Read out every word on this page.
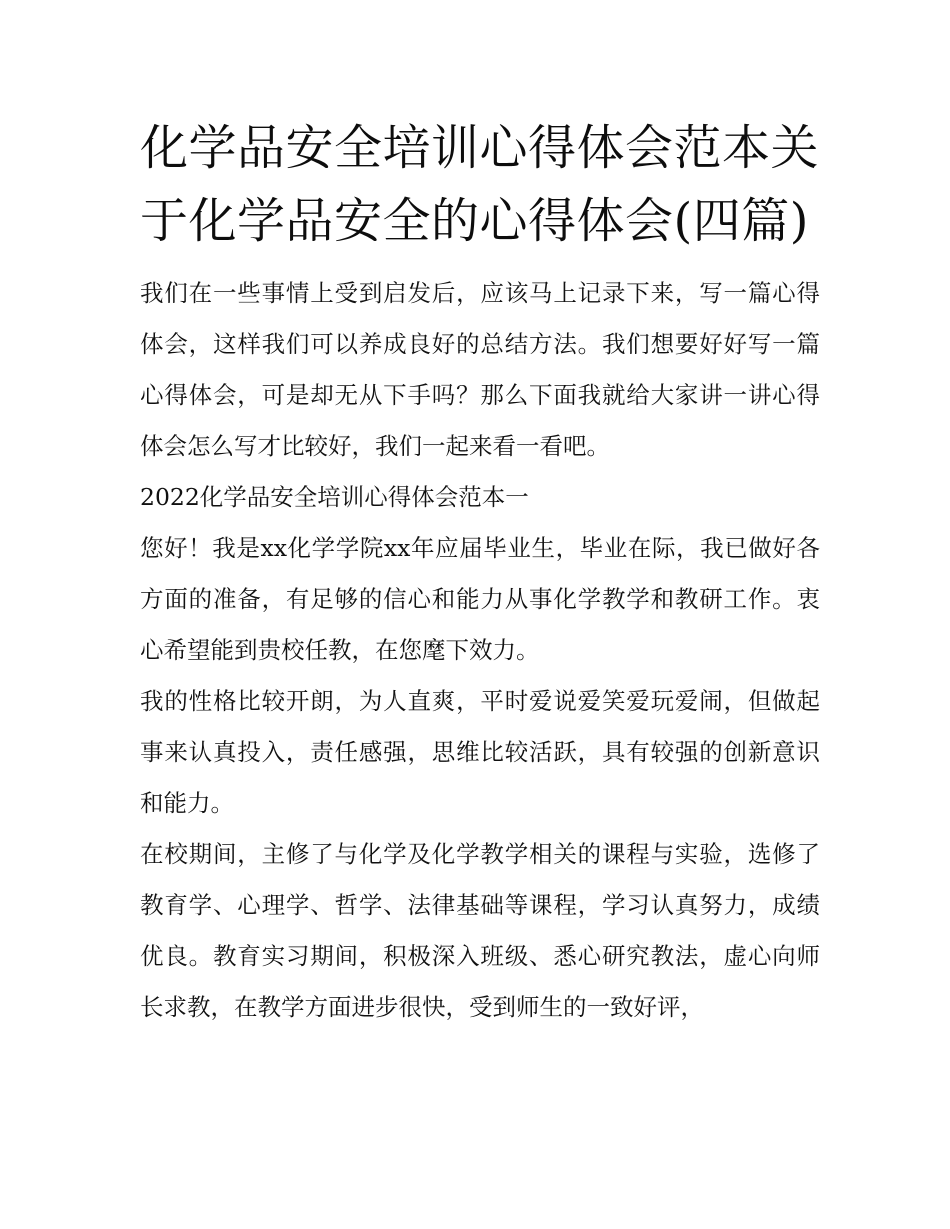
化学品安全培训心得体会范本关于化学品安全的心得体会(四篇)

我们在一些事情上受到启发后，应该马上记录下来，写一篇心得体会，这样我们可以养成良好的总结方法。我们想要好好写一篇心得体会，可是却无从下手吗？那么下面我就给大家讲一讲心得体会怎么写才比较好，我们一起来看一看吧。

2022化学品安全培训心得体会范本一

您好！我是xx化学学院xx年应届毕业生，毕业在际，我已做好各方面的准备，有足够的信心和能力从事化学教学和教研工作。衷心希望能到贵校任教，在您麾下效力。

我的性格比较开朗，为人直爽，平时爱说爱笑爱玩爱闹，但做起事来认真投入，责任感强，思维比较活跃，具有较强的创新意识和能力。

在校期间，主修了与化学及化学教学相关的课程与实验，选修了教育学、心理学、哲学、法律基础等课程，学习认真努力，成绩优良。教育实习期间，积极深入班级、悉心研究教法，虚心向师长求教，在教学方面进步很快，受到师生的一致好评，
